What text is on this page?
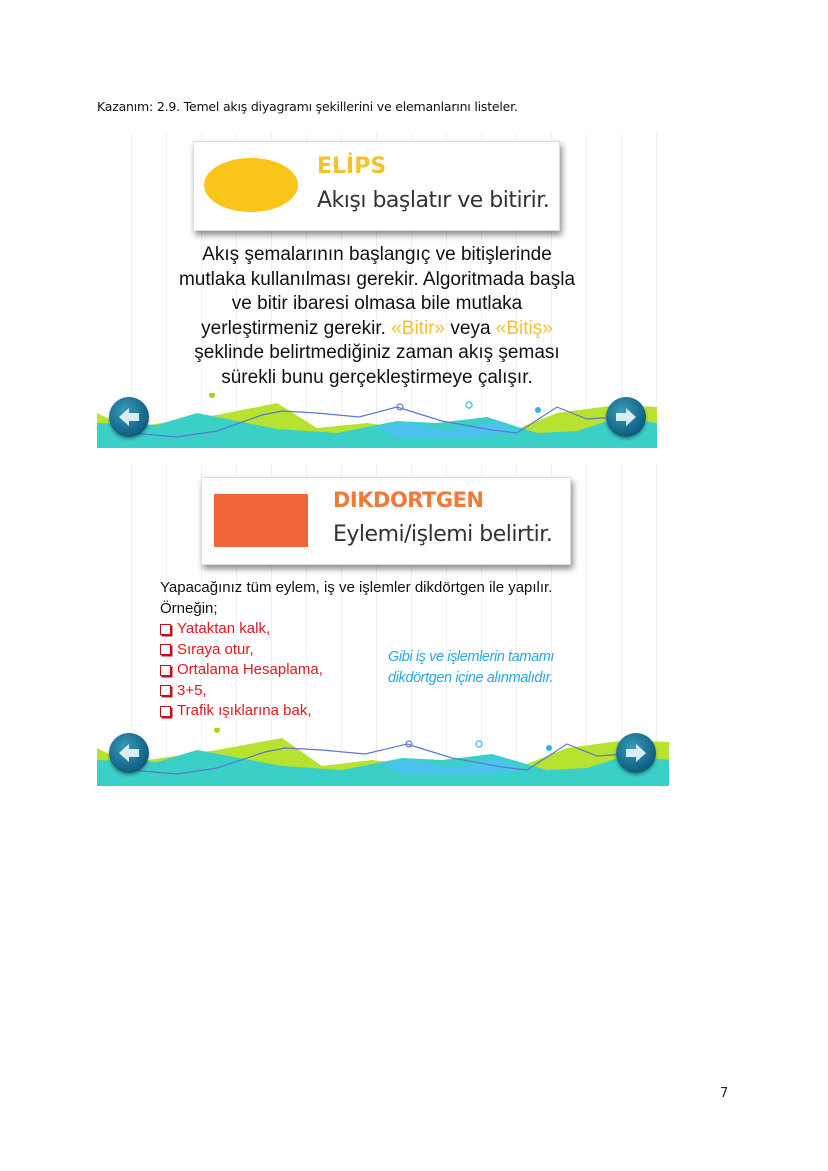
Kazanım: 2.9. Temel akış diyagramı şekillerini ve elemanlarını listeler.
ELİPS
Akışı başlatır ve bitirir.
Akış şemalarının başlangıç ve bitişlerinde
mutlaka kullanılması gerekir. Algoritmada başla
ve bitir ibaresi olmasa bile mutlaka
yerleştirmeniz gerekir. «Bitir» veya «Bitiş»
şeklinde belirtmediğiniz zaman akış şeması
sürekli bunu gerçekleştirmeye çalışır.
DIKDORTGEN
Eylemi/işlemi belirtir.
Yapacağınız tüm eylem, iş ve işlemler dikdörtgen ile yapılır.
Örneğin;
Yataktan kalk,
Sıraya otur,
Ortalama Hesaplama,
3+5,
Trafik ışıklarına bak,
Gibi iş ve işlemlerin tamamı
dikdörtgen içine alınmalıdır.
7
